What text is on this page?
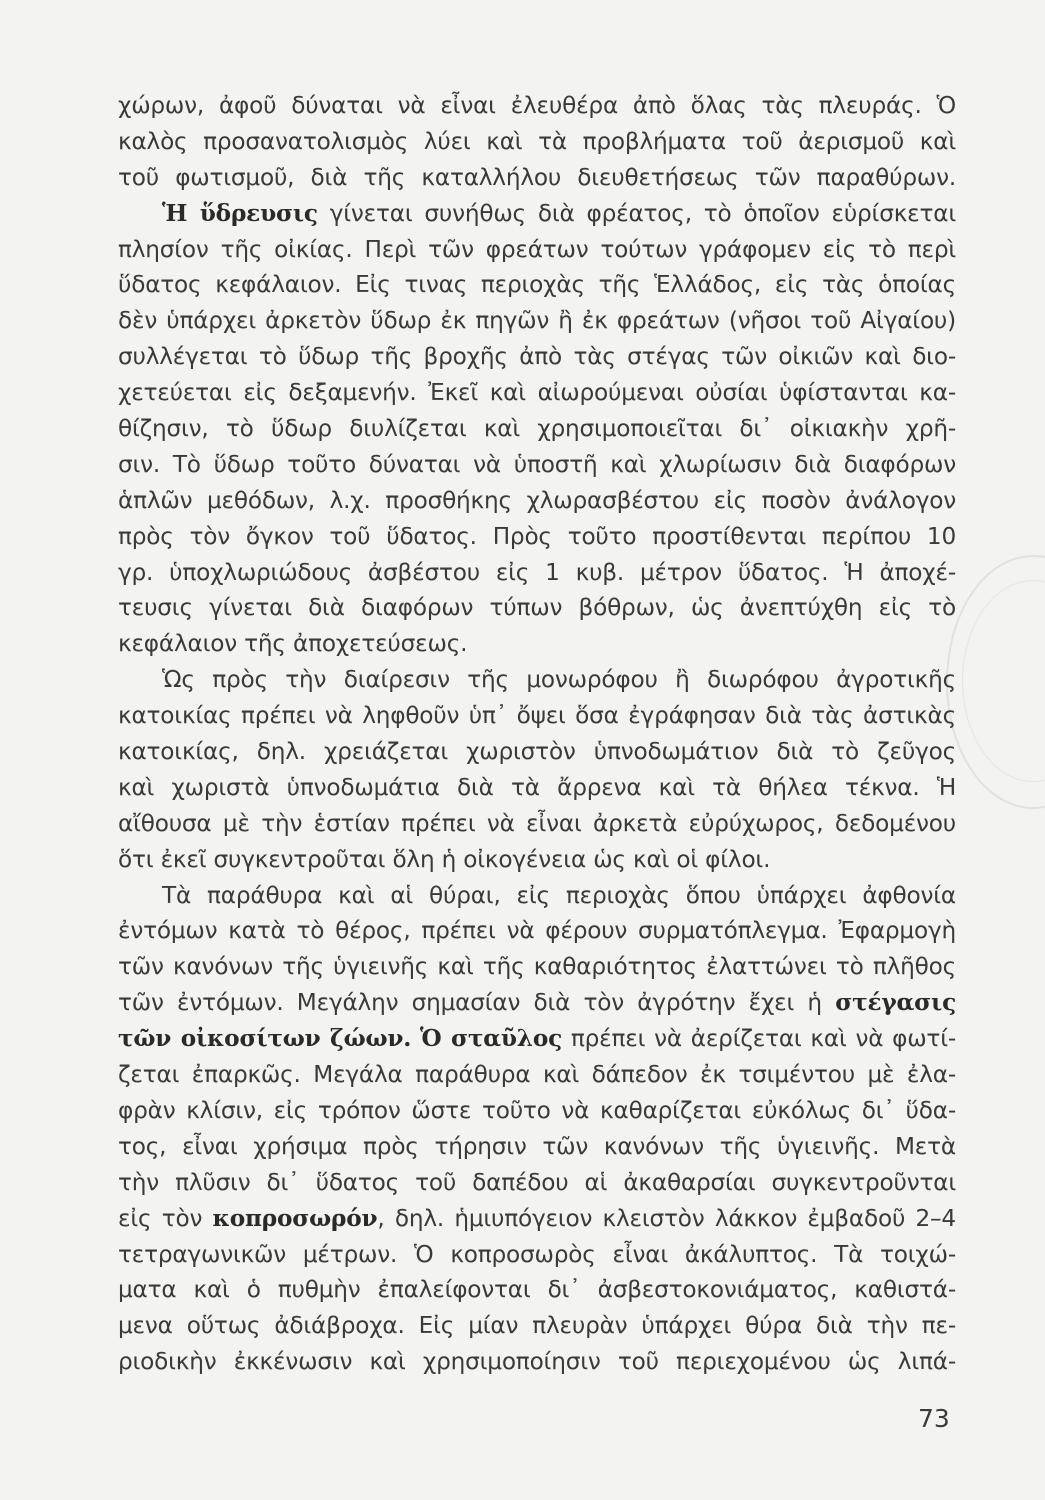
χώρων, ἀφοῦ δύναται νὰ εἶναι ἐλευθέρα ἀπὸ ὅλας τὰς πλευράς. Ὁ
καλὸς προσανατολισμὸς λύει καὶ τὰ προβλήματα τοῦ ἀερισμοῦ καὶ
τοῦ φωτισμοῦ, διὰ τῆς καταλλήλου διευθετήσεως τῶν παραθύρων.
Ἡ ὕδρευσις γίνεται συνήθως διὰ φρέατος, τὸ ὁποῖον εὑρίσκεται
πλησίον τῆς οἰκίας. Περὶ τῶν φρεάτων τούτων γράφομεν εἰς τὸ περὶ
ὕδατος κεφάλαιον. Εἰς τινας περιοχὰς τῆς Ἑλλάδος, εἰς τὰς ὁποίας
δὲν ὑπάρχει ἀρκετὸν ὕδωρ ἐκ πηγῶν ἢ ἐκ φρεάτων (νῆσοι τοῦ Αἰγαίου)
συλλέγεται τὸ ὕδωρ τῆς βροχῆς ἀπὸ τὰς στέγας τῶν οἰκιῶν καὶ διο-
χετεύεται εἰς δεξαμενήν. Ἐκεῖ καὶ αἰωρούμεναι οὐσίαι ὑφίστανται κα-
θίζησιν, τὸ ὕδωρ διυλίζεται καὶ χρησιμοποιεῖται δι᾽ οἰκιακὴν χρῆ-
σιν. Τὸ ὕδωρ τοῦτο δύναται νὰ ὑποστῆ καὶ χλωρίωσιν διὰ διαφόρων
ἁπλῶν μεθόδων, λ.χ. προσθήκης χλωρασβέστου εἰς ποσὸν ἀνάλογον
πρὸς τὸν ὄγκον τοῦ ὕδατος. Πρὸς τοῦτο προστίθενται περίπου 10
γρ. ὑποχλωριώδους ἀσβέστου εἰς 1 κυβ. μέτρον ὕδατος. Ἡ ἀποχέ-
τευσις γίνεται διὰ διαφόρων τύπων βόθρων, ὡς ἀνεπτύχθη εἰς τὸ
κεφάλαιον τῆς ἀποχετεύσεως.
Ὡς πρὸς τὴν διαίρεσιν τῆς μονωρόφου ἢ διωρόφου ἀγροτικῆς
κατοικίας πρέπει νὰ ληφθοῦν ὑπ᾽ ὄψει ὅσα ἐγράφησαν διὰ τὰς ἀστικὰς
κατοικίας, δηλ. χρειάζεται χωριστὸν ὑπνοδωμάτιον διὰ τὸ ζεῦγος
καὶ χωριστὰ ὑπνοδωμάτια διὰ τὰ ἄρρενα καὶ τὰ θήλεα τέκνα. Ἡ
αἴθουσα μὲ τὴν ἑστίαν πρέπει νὰ εἶναι ἀρκετὰ εὐρύχωρος, δεδομένου
ὅτι ἐκεῖ συγκεντροῦται ὅλη ἡ οἰκογένεια ὡς καὶ οἱ φίλοι.
Τὰ παράθυρα καὶ αἱ θύραι, εἰς περιοχὰς ὅπου ὑπάρχει ἀφθονία
ἐντόμων κατὰ τὸ θέρος, πρέπει νὰ φέρουν συρματόπλεγμα. Ἐφαρμογὴ
τῶν κανόνων τῆς ὑγιεινῆς καὶ τῆς καθαριότητος ἐλαττώνει τὸ πλῆθος
τῶν ἐντόμων. Μεγάλην σημασίαν διὰ τὸν ἀγρότην ἔχει ἡ στέγασις
τῶν οἰκοσίτων ζώων. Ὁ σταῦλος πρέπει νὰ ἀερίζεται καὶ νὰ φωτί-
ζεται ἐπαρκῶς. Μεγάλα παράθυρα καὶ δάπεδον ἐκ τσιμέντου μὲ ἐλα-
φρὰν κλίσιν, εἰς τρόπον ὥστε τοῦτο νὰ καθαρίζεται εὐκόλως δι᾽ ὕδα-
τος, εἶναι χρήσιμα πρὸς τήρησιν τῶν κανόνων τῆς ὑγιεινῆς. Μετὰ
τὴν πλῦσιν δι᾽ ὕδατος τοῦ δαπέδου αἱ ἀκαθαρσίαι συγκεντροῦνται
εἰς τὸν κοπροσωρόν, δηλ. ἡμιυπόγειον κλειστὸν λάκκον ἐμβαδοῦ 2–4
τετραγωνικῶν μέτρων. Ὁ κοπροσωρὸς εἶναι ἀκάλυπτος. Τὰ τοιχώ-
ματα καὶ ὁ πυθμὴν ἐπαλείφονται δι᾽ ἀσβεστοκονιάματος, καθιστά-
μενα οὕτως ἀδιάβροχα. Εἰς μίαν πλευρὰν ὑπάρχει θύρα διὰ τὴν πε-
ριοδικὴν ἐκκένωσιν καὶ χρησιμοποίησιν τοῦ περιεχομένου ὡς λιπά-
73
